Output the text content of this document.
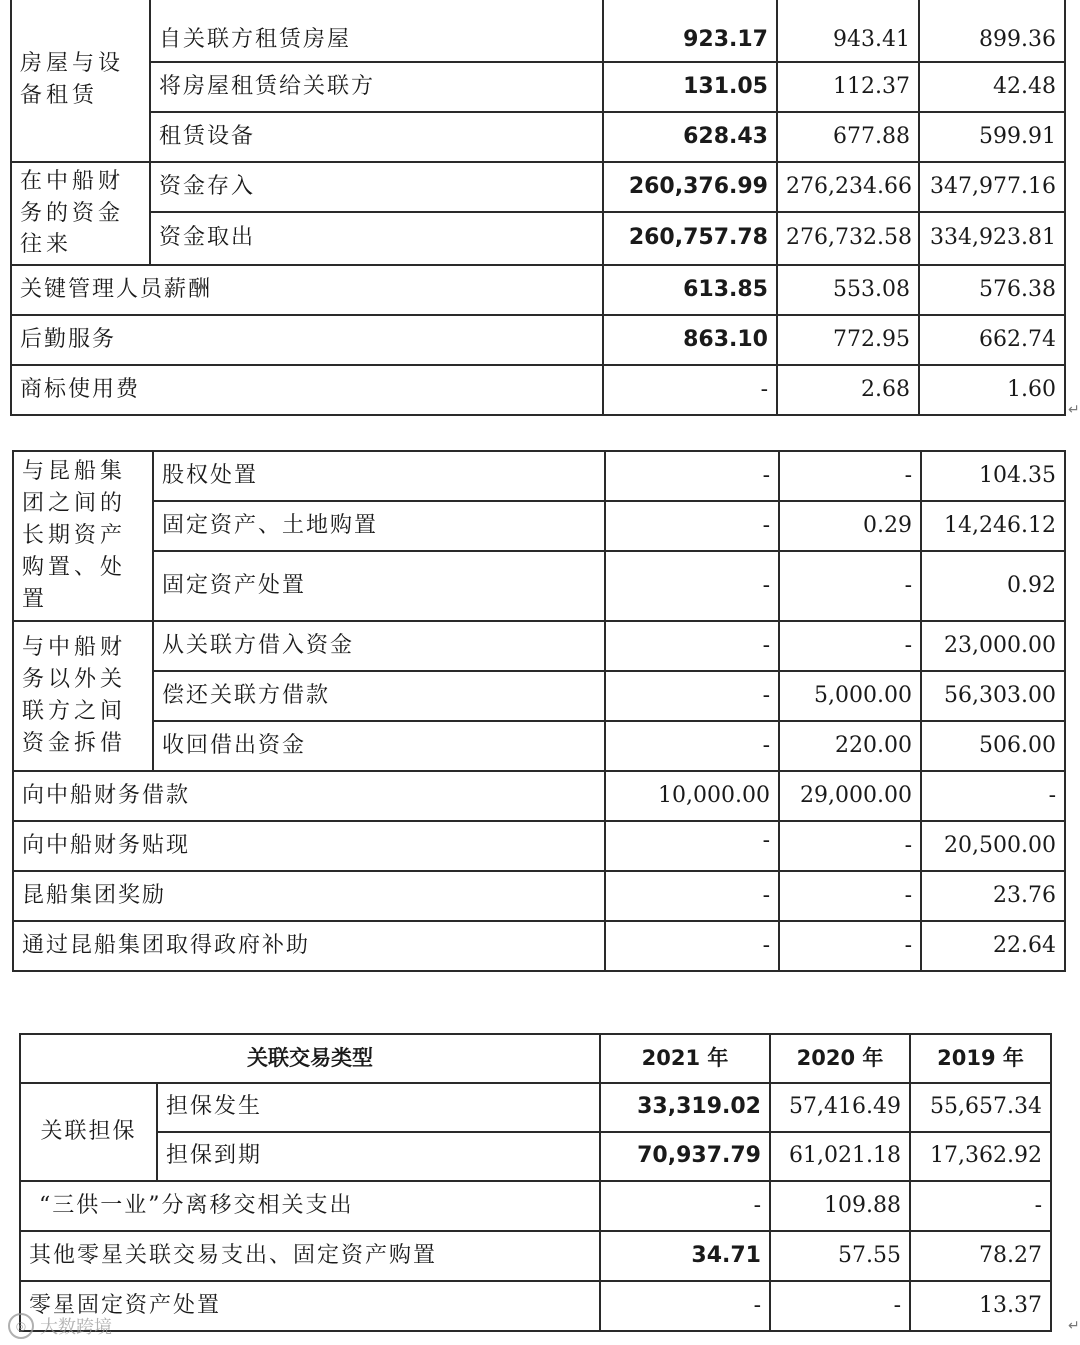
房屋与设备租赁	自关联方租赁房屋	923.17	943.41	899.36
	将房屋租赁给关联方	131.05	112.37	42.48
	租赁设备	628.43	677.88	599.91
在中船财务的资金往来	资金存入	260,376.99	276,234.66	347,977.16
	资金取出	260,757.78	276,732.58	334,923.81
关键管理人员薪酬		613.85	553.08	576.38
后勤服务		863.10	772.95	662.74
商标使用费		-	2.68	1.60
↵
与昆船集团之间的长期资产购置、处置	股权处置	-	-	104.35
	固定资产、土地购置	-	0.29	14,246.12
	固定资产处置	-	-	0.92
与中船财务以外关联方之间资金拆借	从关联方借入资金	-	-	23,000.00
	偿还关联方借款	-	5,000.00	56,303.00
	收回借出资金	-	220.00	506.00
向中船财务借款		10,000.00	29,000.00	-
向中船财务贴现		-	-	20,500.00
昆船集团奖励		-	-	23.76
通过昆船集团取得政府补助		-	-	22.64
关联交易类型		2021 年	2020 年	2019 年
关联担保	担保发生	33,319.02	57,416.49	55,657.34
	担保到期	70,937.79	61,021.18	17,362.92
“三供一业”分离移交相关支出		-	109.88	-
其他零星关联交易支出、固定资产购置		34.71	57.55	78.27
零星固定资产处置		-	-	13.37
↵
◎ 大数跨境
